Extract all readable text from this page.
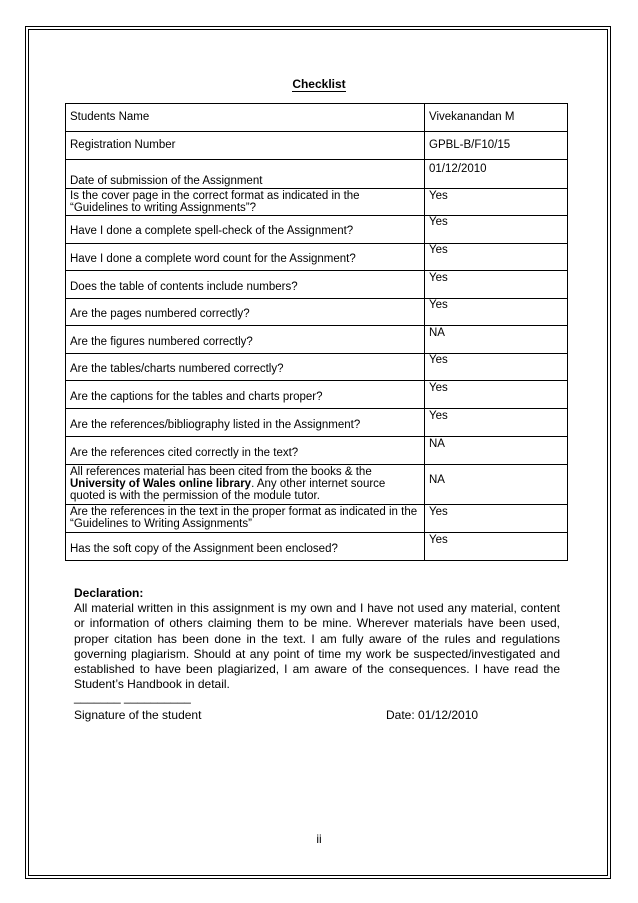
Checklist
Students Name	Vivekanandan M

Registration Number	GPBL-B/F10/15

Date of submission of the Assignment	01/12/2010

Is the cover page in the correct format as indicated in the “Guidelines to writing Assignments”?	Yes

Have I done a complete spell-check of the Assignment?	Yes

Have I done a complete word count for the Assignment?	Yes

Does the table of contents include numbers?	Yes

Are the pages numbered correctly?	Yes

Are the figures numbered correctly?	NA

Are the tables/charts numbered correctly?	Yes

Are the captions for the tables and charts proper?	Yes

Are the references/bibliography listed in the Assignment?	Yes

Are the references cited correctly in the text?	NA

All references material has been cited from the books & the University of Wales online library. Any other internet source quoted is with the permission of the module tutor.	NA

Are the references in the text in the proper format as indicated in the “Guidelines to Writing Assignments”	Yes

Has the soft copy of the Assignment been enclosed?	Yes
Declaration:
All material written in this assignment is my own and I have not used any material, content or information of others claiming them to be mine. Wherever materials have been used, proper citation has been done in the text. I am fully aware of the rules and regulations governing plagiarism. Should at any point of time my work be suspected/investigated and established to have been plagiarized, I am aware of the consequences. I have read the Student’s Handbook in detail.
_______ __________
Signature of the student	Date: 01/12/2010
ii
